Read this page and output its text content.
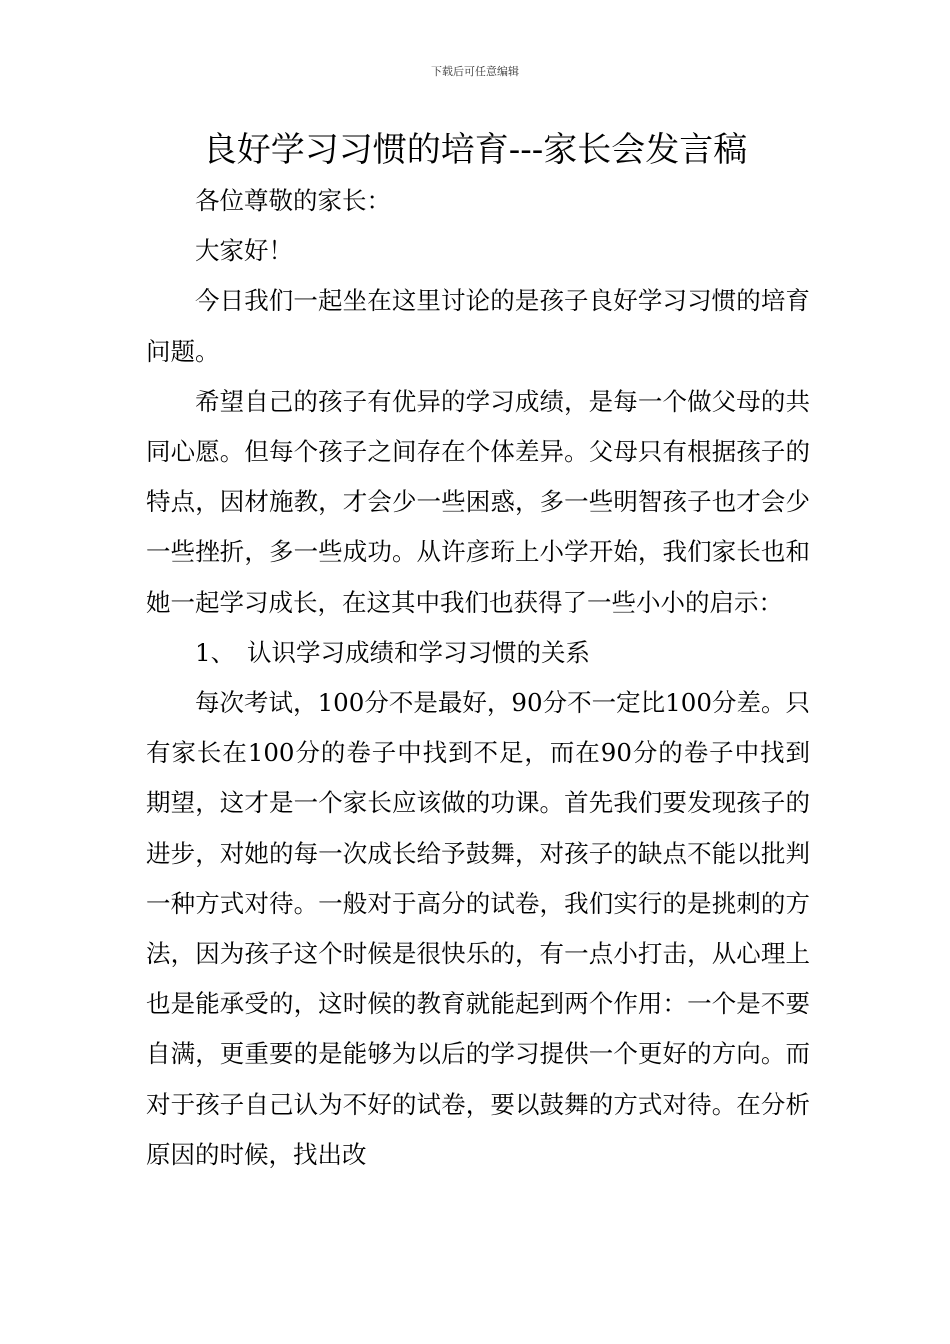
下载后可任意编辑
良好学习习惯的培育---家长会发言稿

各位尊敬的家长：

大家好！

今日我们一起坐在这里讨论的是孩子良好学习习惯的培育问题。

希望自己的孩子有优异的学习成绩，是每一个做父母的共同心愿。但每个孩子之间存在个体差异。父母只有根据孩子的特点，因材施教，才会少一些困惑，多一些明智孩子也才会少一些挫折，多一些成功。从许彦珩上小学开始，我们家长也和她一起学习成长，在这其中我们也获得了一些小小的启示：

1、 认识学习成绩和学习习惯的关系

每次考试，100分不是最好，90分不一定比100分差。只有家长在100分的卷子中找到不足，而在90分的卷子中找到期望，这才是一个家长应该做的功课。首先我们要发现孩子的进步，对她的每一次成长给予鼓舞，对孩子的缺点不能以批判一种方式对待。一般对于高分的试卷，我们实行的是挑刺的方法，因为孩子这个时候是很快乐的，有一点小打击，从心理上也是能承受的，这时候的教育就能起到两个作用：一个是不要自满，更重要的是能够为以后的学习提供一个更好的方向。而对于孩子自己认为不好的试卷，要以鼓舞的方式对待。在分析原因的时候，找出改
